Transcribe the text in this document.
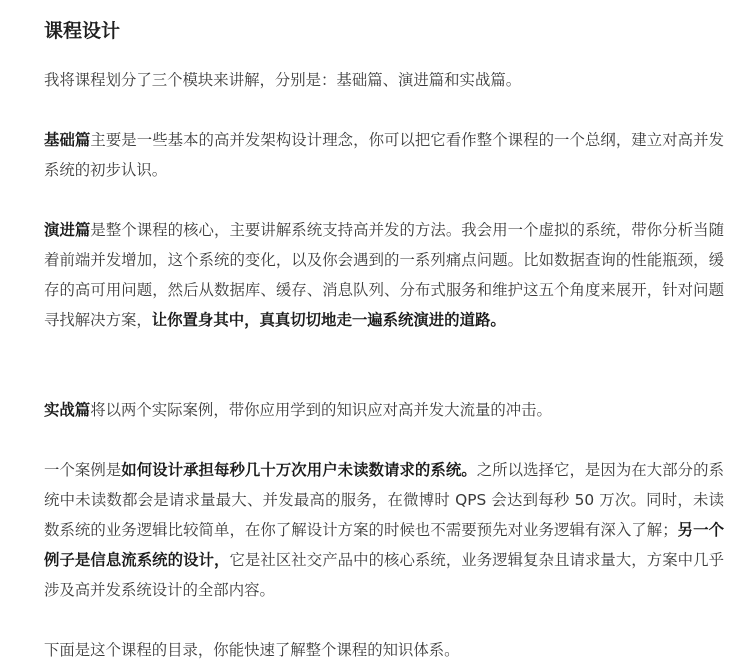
课程设计

我将课程划分了三个模块来讲解，分别是：基础篇、演进篇和实战篇。

基础篇主要是一些基本的高并发架构设计理念，你可以把它看作整个课程的一个总纲，建立对高并发系统的初步认识。

演进篇是整个课程的核心，主要讲解系统支持高并发的方法。我会用一个虚拟的系统，带你分析当随着前端并发增加，这个系统的变化，以及你会遇到的一系列痛点问题。比如数据查询的性能瓶颈，缓存的高可用问题，然后从数据库、缓存、消息队列、分布式服务和维护这五个角度来展开，针对问题寻找解决方案，让你置身其中，真真切切地走一遍系统演进的道路。

实战篇将以两个实际案例，带你应用学到的知识应对高并发大流量的冲击。

一个案例是如何设计承担每秒几十万次用户未读数请求的系统。之所以选择它，是因为在大部分的系统中未读数都会是请求量最大、并发最高的服务，在微博时 QPS 会达到每秒 50 万次。同时，未读数系统的业务逻辑比较简单，在你了解设计方案的时候也不需要预先对业务逻辑有深入了解；另一个例子是信息流系统的设计，它是社区社交产品中的核心系统，业务逻辑复杂且请求量大，方案中几乎涉及高并发系统设计的全部内容。

下面是这个课程的目录，你能快速了解整个课程的知识体系。
